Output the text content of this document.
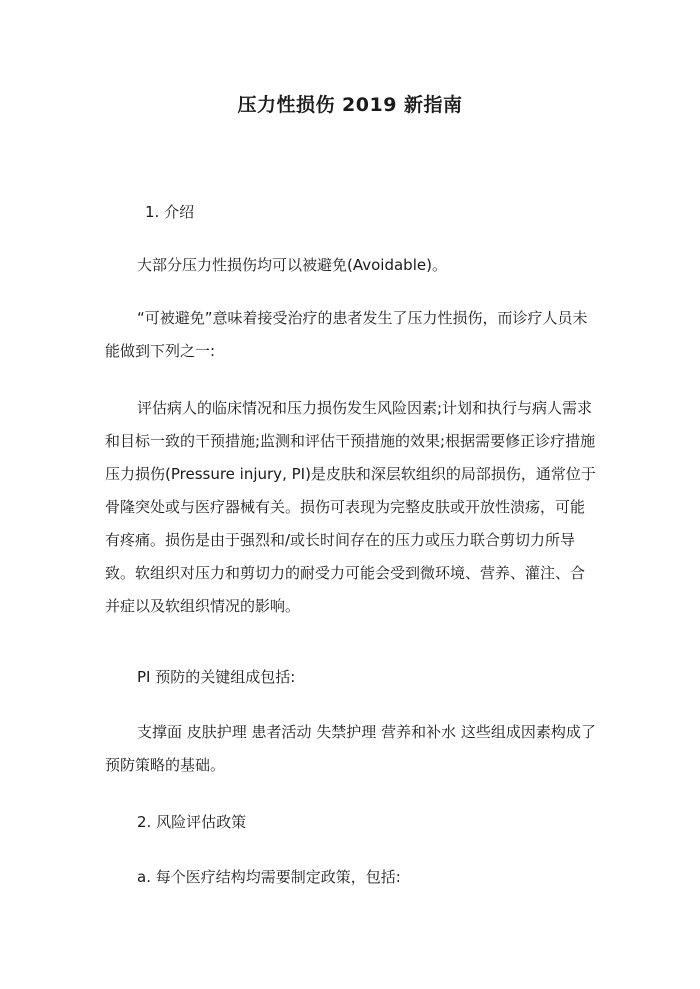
压力性损伤 2019 新指南

1. 介绍

大部分压力性损伤均可以被避免(Avoidable)。

“可被避免”意味着接受治疗的患者发生了压力性损伤，而诊疗人员未能做到下列之一:

评估病人的临床情况和压力损伤发生风险因素;计划和执行与病人需求和目标一致的干预措施;监测和评估干预措施的效果;根据需要修正诊疗措施 压力损伤(Pressure injury, PI)是皮肤和深层软组织的局部损伤，通常位于骨隆突处或与医疗器械有关。损伤可表现为完整皮肤或开放性溃疡，可能有疼痛。损伤是由于强烈和/或长时间存在的压力或压力联合剪切力所导致。软组织对压力和剪切力的耐受力可能会受到微环境、营养、灌注、合并症以及软组织情况的影响。

PI 预防的关键组成包括:

支撑面 皮肤护理 患者活动 失禁护理 营养和补水 这些组成因素构成了预防策略的基础。

2. 风险评估政策

a. 每个医疗结构均需要制定政策，包括:
